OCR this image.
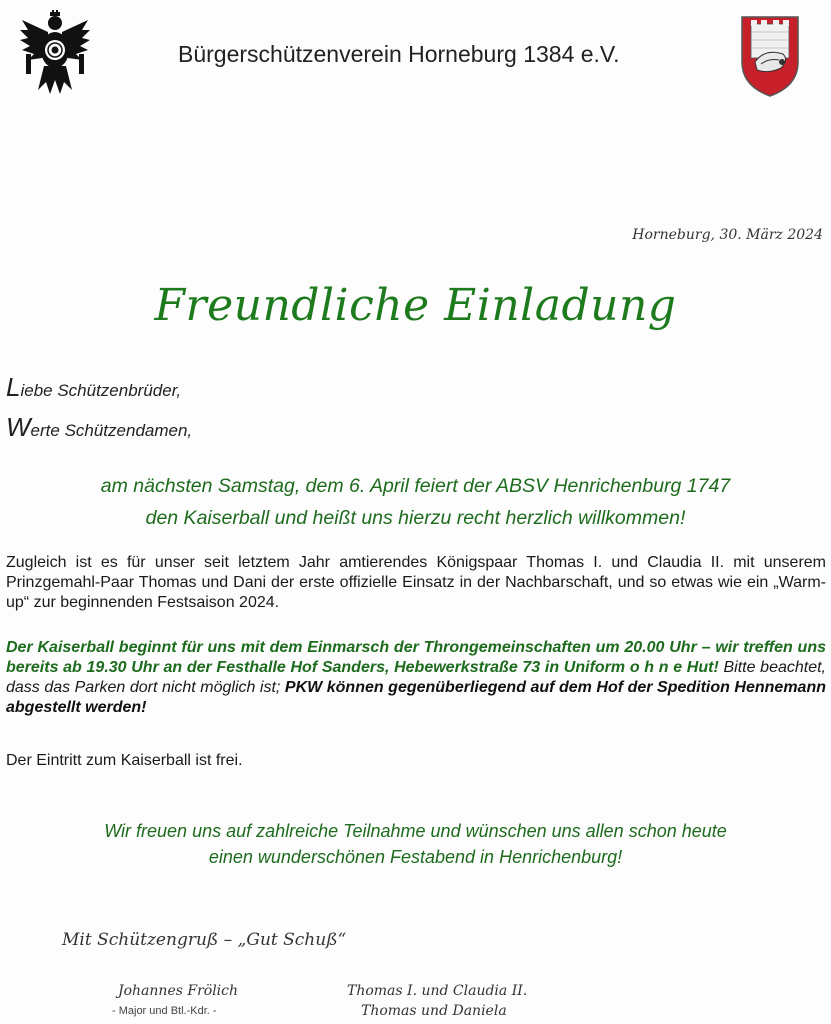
Bürgerschützenverein Horneburg 1384 e.V.
Horneburg, 30. März 2024
Freundliche Einladung
Liebe Schützenbrüder,
Werte Schützendamen,
am nächsten Samstag, dem 6. April feiert der ABSV Henrichenburg 1747
den Kaiserball und heißt uns hierzu recht herzlich willkommen!
Zugleich ist es für unser seit letztem Jahr amtierendes Königspaar Thomas I. und Claudia II. mit unserem Prinzgemahl-Paar Thomas und Dani der erste offizielle Einsatz in der Nachbarschaft, und so etwas wie ein „Warm-up“ zur beginnenden Festsaison 2024.
Der Kaiserball beginnt für uns mit dem Einmarsch der Throngemeinschaften um 20.00 Uhr – wir treffen uns bereits ab 19.30 Uhr an der Festhalle Hof Sanders, Hebewerkstraße 73 in Uniform o h n e Hut! Bitte beachtet, dass das Parken dort nicht möglich ist; PKW können gegenüberliegend auf dem Hof der Spedition Hennemann abgestellt werden!
Der Eintritt zum Kaiserball ist frei.
Wir freuen uns auf zahlreiche Teilnahme und wünschen uns allen schon heute
einen wunderschönen Festabend in Henrichenburg!
Mit Schützengruß – „Gut Schuß“
Johannes Frölich
- Major und Btl.-Kdr. -
Thomas I. und Claudia II.
Thomas und Daniela
